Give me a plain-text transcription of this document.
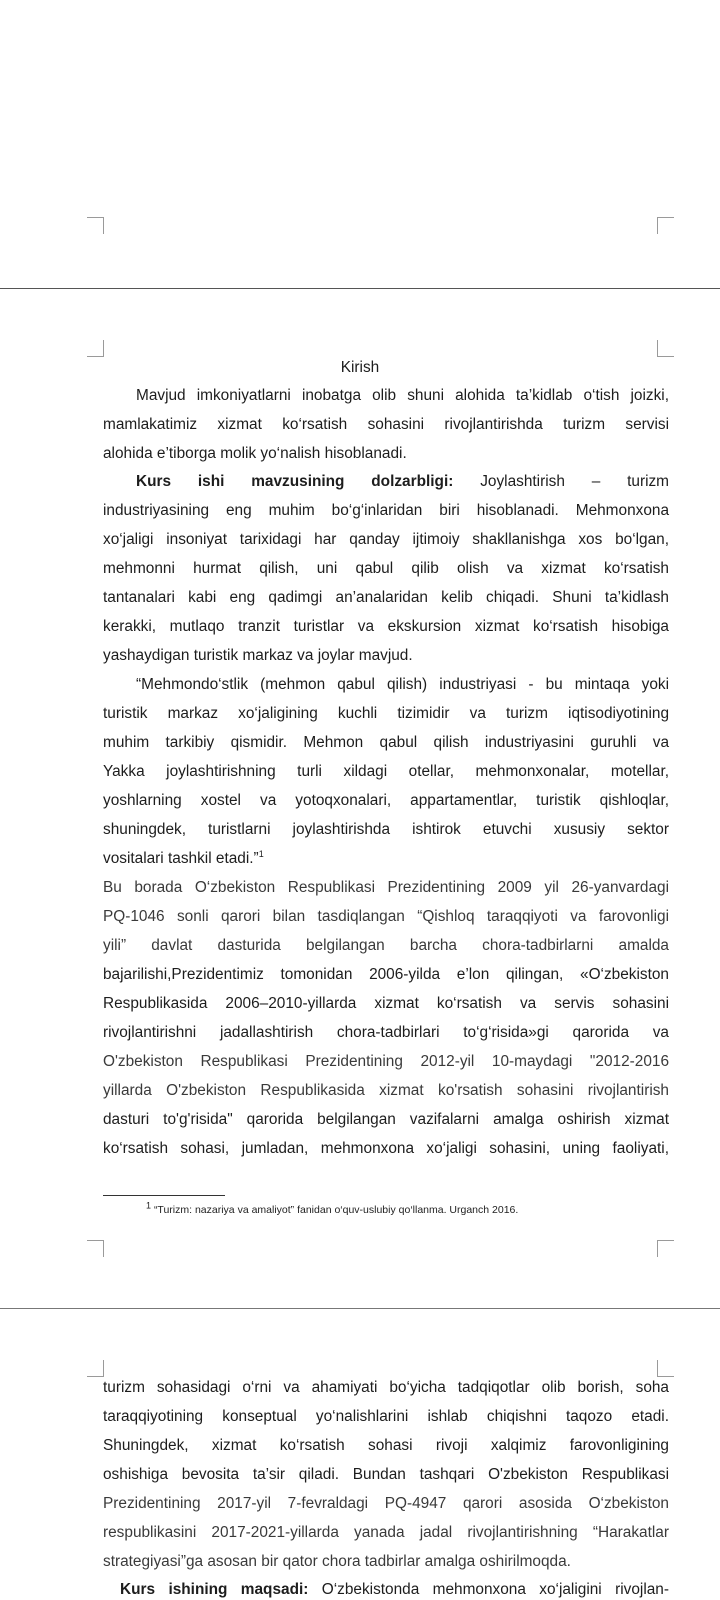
Kirish
Mavjud imkoniyatlarni inobatga olib shuni alohida ta’kidlab o‘tish joizki,
mamlakatimiz xizmat ko‘rsatish sohasini rivojlantirishda turizm servisi
alohida e’tiborga molik yo‘nalish hisoblanadi.
Kurs ishi mavzusining dolzarbligi: Joylashtirish – turizm
industriyasining eng muhim bo‘g‘inlaridan biri hisoblanadi. Mehmonxona
xo‘jaligi insoniyat tarixidagi har qanday ijtimoiy shakllanishga xos bo‘lgan,
mehmonni hurmat qilish, uni qabul qilib olish va xizmat ko‘rsatish
tantanalari kabi eng qadimgi an’analaridan kelib chiqadi. Shuni ta’kidlash
kerakki, mutlaqo tranzit turistlar va ekskursion xizmat ko‘rsatish hisobiga
yashaydigan turistik markaz va joylar mavjud.
“Mehmondo‘stlik (mehmon qabul qilish) industriyasi - bu mintaqa yoki
turistik markaz xo‘jaligining kuchli tizimidir va turizm iqtisodiyotining
muhim tarkibiy qismidir. Mehmon qabul qilish industriyasini guruhli va
Yakka joylashtirishning turli xildagi otellar, mehmonxonalar, motellar,
yoshlarning xostel va yotoqxonalari, appartamentlar, turistik qishloqlar,
shuningdek, turistlarni joylashtirishda ishtirok etuvchi xususiy sektor
vositalari tashkil etadi.”$^1$
Bu borada O‘zbekiston Respublikasi Prezidentining 2009 yil 26-yanvardagi
PQ-1046 sonli qarori bilan tasdiqlangan “Qishloq taraqqiyoti va farovonligi
yili” davlat dasturida belgilangan barcha chora-tadbirlarni amalda
bajarilishi,Prezidentimiz tomonidan 2006-yilda e’lon qilingan, «O‘zbekiston
Respublikasida 2006–2010-yillarda xizmat ko‘rsatish va servis sohasini
rivojlantirishni jadallashtirish chora-tadbirlari to‘g‘risida»gi qarorida va
O'zbekiston Respublikasi Prezidentining 2012-yil 10-maydagi "2012-2016
yillarda O'zbekiston Respublikasida xizmat ko'rsatish sohasini rivojlantirish
dasturi to'g'risida" qarorida belgilangan vazifalarni amalga oshirish xizmat
ko‘rsatish sohasi, jumladan, mehmonxona xo‘jaligi sohasini, uning faoliyati,
$^1$ “Turizm: nazariya va amaliyot” fanidan o‘quv-uslubiy qo‘llanma. Urganch 2016.
turizm sohasidagi o‘rni va ahamiyati bo‘yicha tadqiqotlar olib borish, soha
taraqqiyotining konseptual yo‘nalishlarini ishlab chiqishni taqozo etadi.
Shuningdek, xizmat ko‘rsatish sohasi rivoji xalqimiz farovonligining
oshishiga bevosita ta’sir qiladi. Bundan tashqari O'zbekiston Respublikasi
Prezidentining 2017-yil 7-fevraldagi PQ-4947 qarori asosida O‘zbekiston
respublikasini 2017-2021-yillarda yanada jadal rivojlantirishning “Harakatlar
strategiyasi”ga asosan bir qator chora tadbirlar amalga oshirilmoqda.
Kurs ishining maqsadi: O‘zbekistonda mehmonxona xo‘jaligini rivojlan-
